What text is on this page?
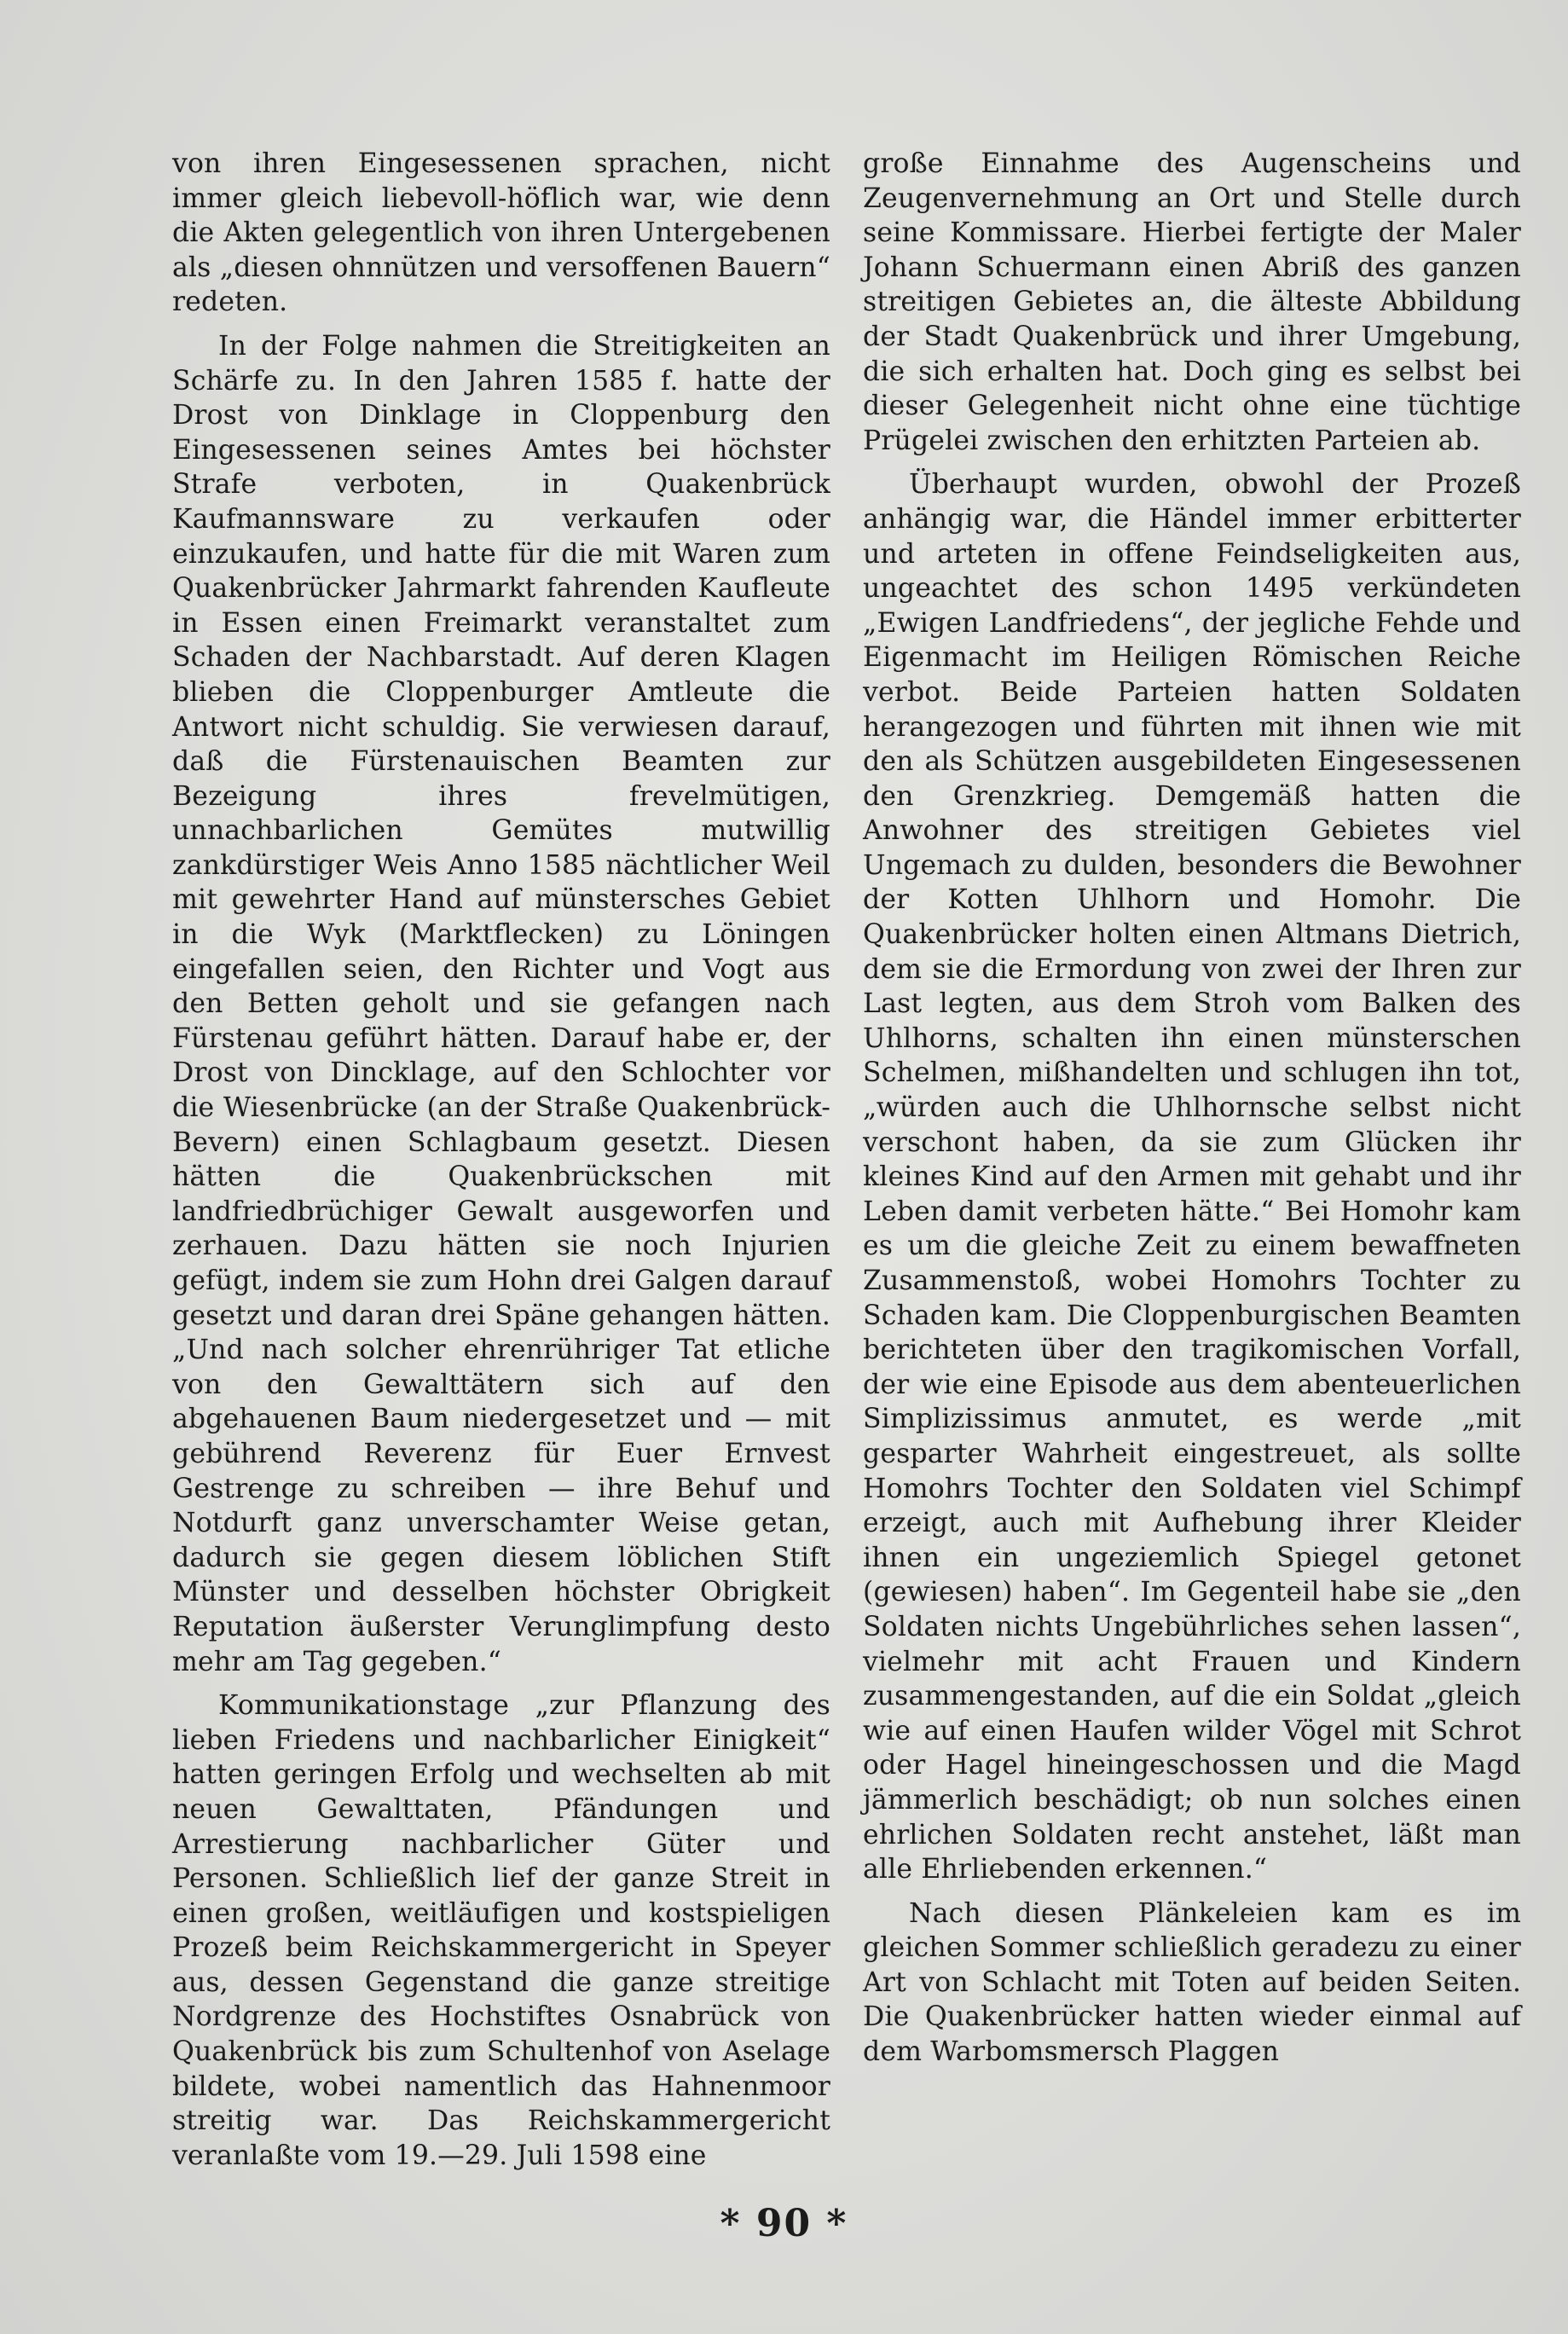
von ihren Eingesessenen sprachen, nicht immer gleich liebevoll-höflich war, wie denn die Akten gelegentlich von ihren Untergebenen als „diesen ohnnützen und versoffenen Bauern“ redeten.

In der Folge nahmen die Streitigkeiten an Schärfe zu. In den Jahren 1585 f. hatte der Drost von Dinklage in Cloppenburg den Eingesessenen seines Amtes bei höchster Strafe verboten, in Quakenbrück Kaufmannsware zu verkaufen oder einzukaufen, und hatte für die mit Waren zum Quakenbrücker Jahrmarkt fahrenden Kaufleute in Essen einen Freimarkt veranstaltet zum Schaden der Nachbarstadt. Auf deren Klagen blieben die Cloppenburger Amtleute die Antwort nicht schuldig. Sie verwiesen darauf, daß die Fürstenauischen Beamten zur Bezeigung ihres frevelmütigen, unnachbarlichen Gemütes mutwillig zankdürstiger Weis Anno 1585 nächtlicher Weil mit gewehrter Hand auf münstersches Gebiet in die Wyk (Marktflecken) zu Löningen eingefallen seien, den Richter und Vogt aus den Betten geholt und sie gefangen nach Fürstenau geführt hätten. Darauf habe er, der Drost von Dincklage, auf den Schlochter vor die Wiesenbrücke (an der Straße Quakenbrück-Bevern) einen Schlagbaum gesetzt. Diesen hätten die Quakenbrückschen mit landfriedbrüchiger Gewalt ausgeworfen und zerhauen. Dazu hätten sie noch Injurien gefügt, indem sie zum Hohn drei Galgen darauf gesetzt und daran drei Späne gehangen hätten. „Und nach solcher ehrenrühriger Tat etliche von den Gewalttätern sich auf den abgehauenen Baum niedergesetzet und — mit gebührend Reverenz für Euer Ernvest Gestrenge zu schreiben — ihre Behuf und Notdurft ganz unverschamter Weise getan, dadurch sie gegen diesem löblichen Stift Münster und desselben höchster Obrigkeit Reputation äußerster Verunglimpfung desto mehr am Tag gegeben.“

Kommunikationstage „zur Pflanzung des lieben Friedens und nachbarlicher Einigkeit“ hatten geringen Erfolg und wechselten ab mit neuen Gewalttaten, Pfändungen und Arrestierung nachbarlicher Güter und Personen. Schließlich lief der ganze Streit in einen großen, weitläufigen und kostspieligen Prozeß beim Reichskammergericht in Speyer aus, dessen Gegenstand die ganze streitige Nordgrenze des Hochstiftes Osnabrück von Quakenbrück bis zum Schultenhof von Aselage bildete, wobei namentlich das Hahnenmoor streitig war. Das Reichskammergericht veranlaßte vom 19.—29. Juli 1598 eine

große Einnahme des Augenscheins und Zeugenvernehmung an Ort und Stelle durch seine Kommissare. Hierbei fertigte der Maler Johann Schuermann einen Abriß des ganzen streitigen Gebietes an, die älteste Abbildung der Stadt Quakenbrück und ihrer Umgebung, die sich erhalten hat. Doch ging es selbst bei dieser Gelegenheit nicht ohne eine tüchtige Prügelei zwischen den erhitzten Parteien ab.

Überhaupt wurden, obwohl der Prozeß anhängig war, die Händel immer erbitterter und arteten in offene Feindseligkeiten aus, ungeachtet des schon 1495 verkündeten „Ewigen Landfriedens“, der jegliche Fehde und Eigenmacht im Heiligen Römischen Reiche verbot. Beide Parteien hatten Soldaten herangezogen und führten mit ihnen wie mit den als Schützen ausgebildeten Eingesessenen den Grenzkrieg. Demgemäß hatten die Anwohner des streitigen Gebietes viel Ungemach zu dulden, besonders die Bewohner der Kotten Uhlhorn und Homohr. Die Quakenbrücker holten einen Altmans Dietrich, dem sie die Ermordung von zwei der Ihren zur Last legten, aus dem Stroh vom Balken des Uhlhorns, schalten ihn einen münsterschen Schelmen, mißhandelten und schlugen ihn tot, „würden auch die Uhlhornsche selbst nicht verschont haben, da sie zum Glücken ihr kleines Kind auf den Armen mit gehabt und ihr Leben damit verbeten hätte.“ Bei Homohr kam es um die gleiche Zeit zu einem bewaffneten Zusammenstoß, wobei Homohrs Tochter zu Schaden kam. Die Cloppenburgischen Beamten berichteten über den tragikomischen Vorfall, der wie eine Episode aus dem abenteuerlichen Simplizissimus anmutet, es werde „mit gesparter Wahrheit eingestreuet, als sollte Homohrs Tochter den Soldaten viel Schimpf erzeigt, auch mit Aufhebung ihrer Kleider ihnen ein ungeziemlich Spiegel getonet (gewiesen) haben“. Im Gegenteil habe sie „den Soldaten nichts Ungebührliches sehen lassen“, vielmehr mit acht Frauen und Kindern zusammengestanden, auf die ein Soldat „gleich wie auf einen Haufen wilder Vögel mit Schrot oder Hagel hineingeschossen und die Magd jämmerlich beschädigt; ob nun solches einen ehrlichen Soldaten recht anstehet, läßt man alle Ehrliebenden erkennen.“

Nach diesen Plänkeleien kam es im gleichen Sommer schließlich geradezu zu einer Art von Schlacht mit Toten auf beiden Seiten. Die Quakenbrücker hatten wieder einmal auf dem Warbomsmersch Plaggen

* 90 *
